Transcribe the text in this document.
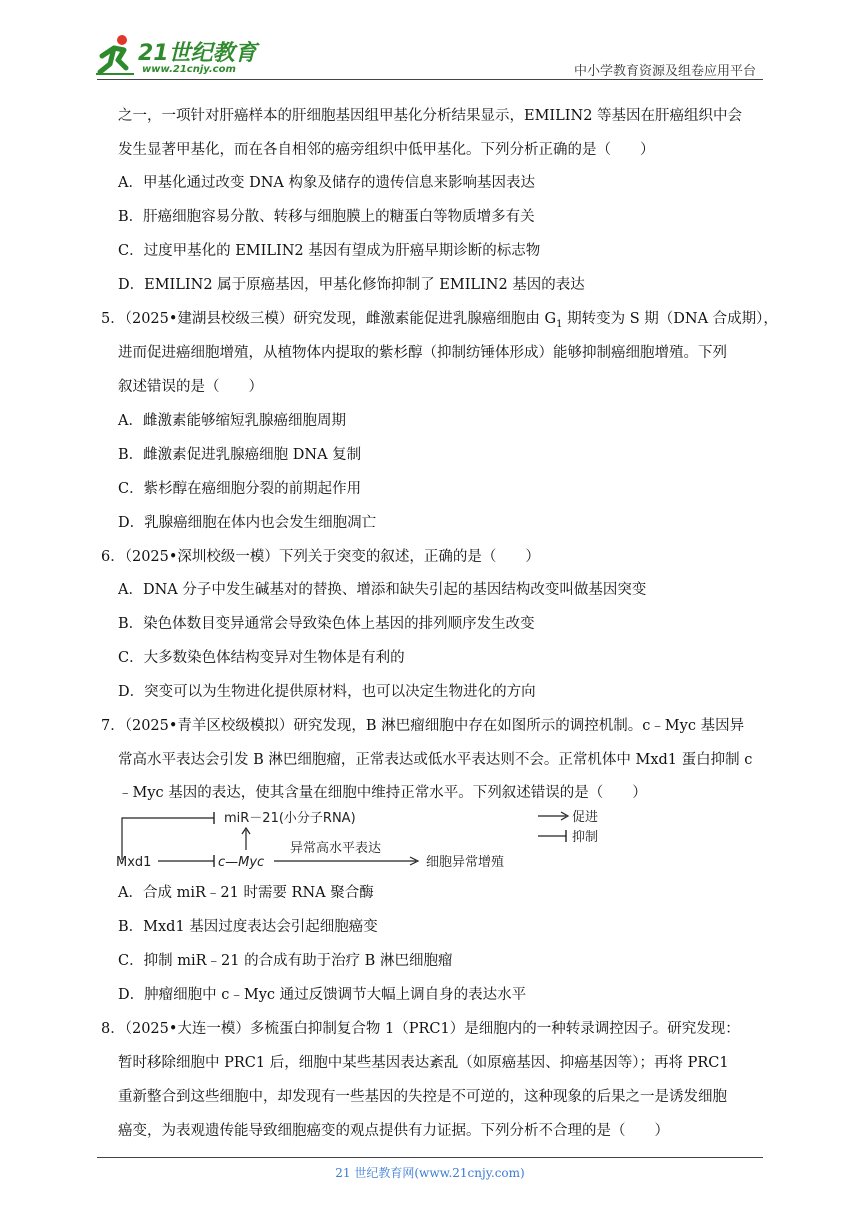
21世纪教育
www.21cnjy.com	中小学教育资源及组卷应用平台
之一，一项针对肝癌样本的肝细胞基因组甲基化分析结果显示，EMILIN2 等基因在肝癌组织中会
发生显著甲基化，而在各自相邻的癌旁组织中低甲基化。下列分析正确的是（　　）
A．甲基化通过改变 DNA 构象及储存的遗传信息来影响基因表达
B．肝癌细胞容易分散、转移与细胞膜上的糖蛋白等物质增多有关
C．过度甲基化的 EMILIN2 基因有望成为肝癌早期诊断的标志物
D．EMILIN2 属于原癌基因，甲基化修饰抑制了 EMILIN2 基因的表达
5．（2025•建湖县校级三模）研究发现，雌激素能促进乳腺癌细胞由 $G_1$ 期转变为 S 期（DNA 合成期），
进而促进癌细胞增殖，从植物体内提取的紫杉醇（抑制纺锤体形成）能够抑制癌细胞增殖。下列
叙述错误的是（　　）
A．雌激素能够缩短乳腺癌细胞周期
B．雌激素促进乳腺癌细胞 DNA 复制
C．紫杉醇在癌细胞分裂的前期起作用
D．乳腺癌细胞在体内也会发生细胞凋亡
6．（2025•深圳校级一模）下列关于突变的叙述，正确的是（　　）
A．DNA 分子中发生碱基对的替换、增添和缺失引起的基因结构改变叫做基因突变
B．染色体数目变异通常会导致染色体上基因的排列顺序发生改变
C．大多数染色体结构变异对生物体是有利的
D．突变可以为生物进化提供原材料，也可以决定生物进化的方向
7．（2025•青羊区校级模拟）研究发现，B 淋巴瘤细胞中存在如图所示的调控机制。c﹣Myc 基因异
常高水平表达会引发 B 淋巴细胞瘤，正常表达或低水平表达则不会。正常机体中 Mxd1 蛋白抑制 c
﹣Myc 基因的表达，使其含量在细胞中维持正常水平。下列叙述错误的是（　　）
miR－21(小分子RNA)
Mxd1	c—Myc
异常高水平表达
细胞异常增殖
促进
抑制
A．合成 miR﹣21 时需要 RNA 聚合酶
B．Mxd1 基因过度表达会引起细胞癌变
C．抑制 miR﹣21 的合成有助于治疗 B 淋巴细胞瘤
D．肿瘤细胞中 c﹣Myc 通过反馈调节大幅上调自身的表达水平
8．（2025•大连一模）多梳蛋白抑制复合物 1（PRC1）是细胞内的一种转录调控因子。研究发现：
暂时移除细胞中 PRC1 后，细胞中某些基因表达紊乱（如原癌基因、抑癌基因等）；再将 PRC1
重新整合到这些细胞中，却发现有一些基因的失控是不可逆的，这种现象的后果之一是诱发细胞
癌变，为表观遗传能导致细胞癌变的观点提供有力证据。下列分析不合理的是（　　）
21 世纪教育网(www.21cnjy.com)
